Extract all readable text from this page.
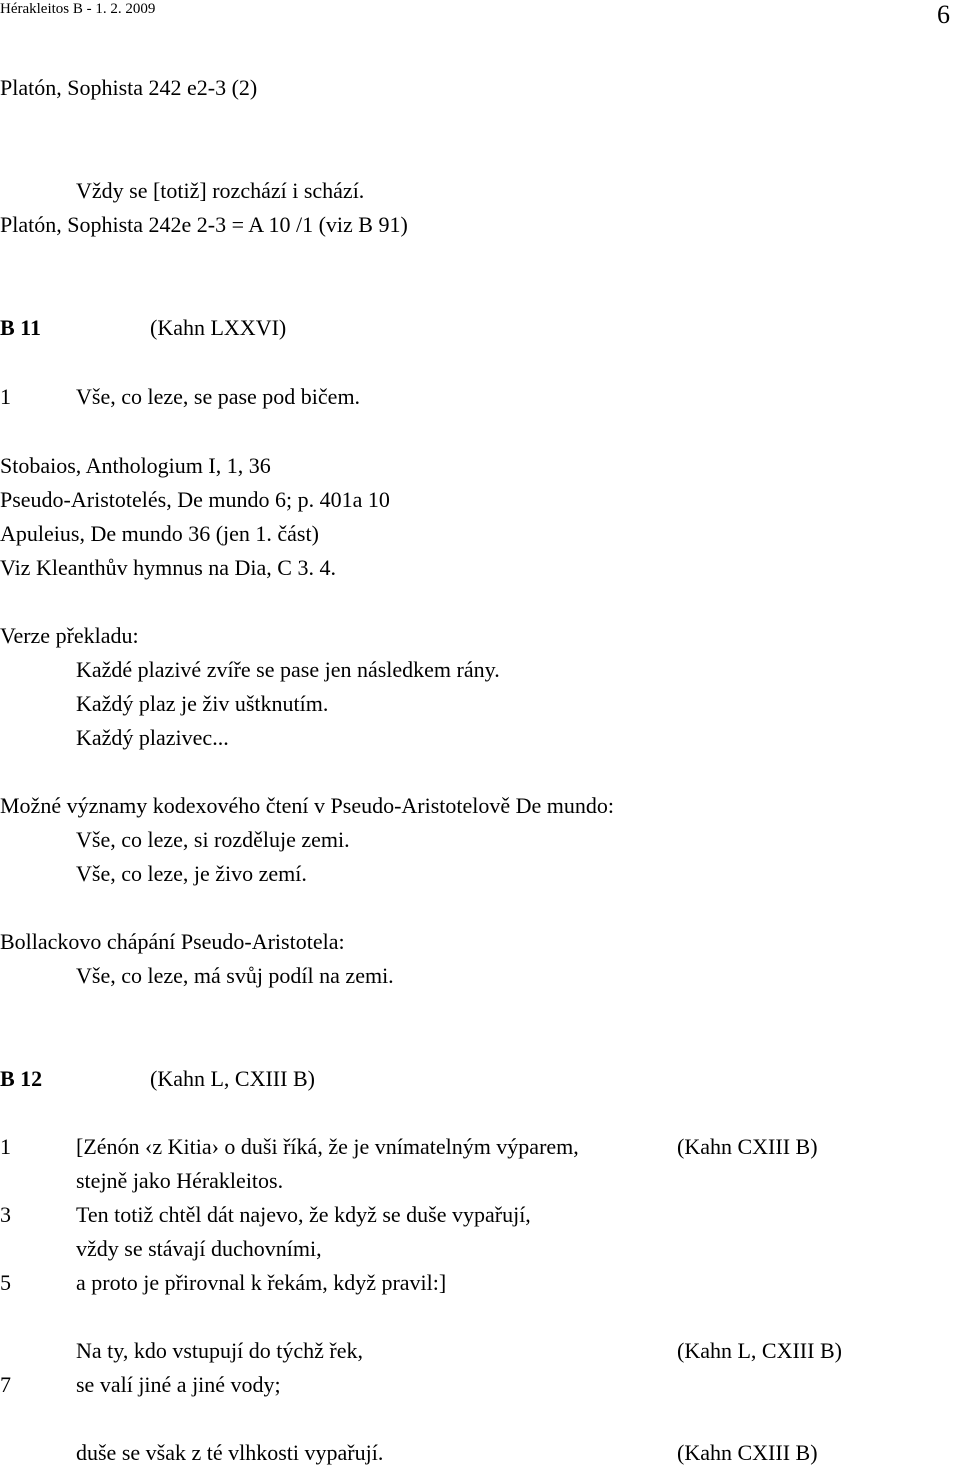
Hérakleitos B - 1. 2. 2009	6
Platón, Sophista 242 e2-3 (2)
Vždy se [totiž] rozchází i schází.
Platón, Sophista 242e 2-3 = A 10 /1 (viz B 91)
B 11	(Kahn LXXVI)
1	Vše, co leze, se pase pod bičem.
Stobaios, Anthologium I, 1, 36
Pseudo-Aristotelés, De mundo 6; p. 401a 10
Apuleius, De mundo 36 (jen 1. část)
Viz Kleanthův hymnus na Dia, C 3. 4.
Verze překladu:
Každé plazivé zvíře se pase jen následkem rány.
Každý plaz je živ uštknutím.
Každý plazivec...
Možné významy kodexového čtení v Pseudo-Aristotelově De mundo:
Vše, co leze, si rozděluje zemi.
Vše, co leze, je živo zemí.
Bollackovo chápání Pseudo-Aristotela:
Vše, co leze, má svůj podíl na zemi.
B 12	(Kahn L, CXIII B)
1	[Zénón ‹z Kitia› o duši říká, že je vnímatelným výparem,	(Kahn CXIII B)
stejně jako Hérakleitos.
3	Ten totiž chtěl dát najevo, že když se duše vypařují,
vždy se stávají duchovními,
5	a proto je přirovnal k řekám, když pravil:]
Na ty, kdo vstupují do týchž řek,	(Kahn L, CXIII B)
7	se valí jiné a jiné vody;
duše se však z té vlhkosti vypařují.	(Kahn CXIII B)
